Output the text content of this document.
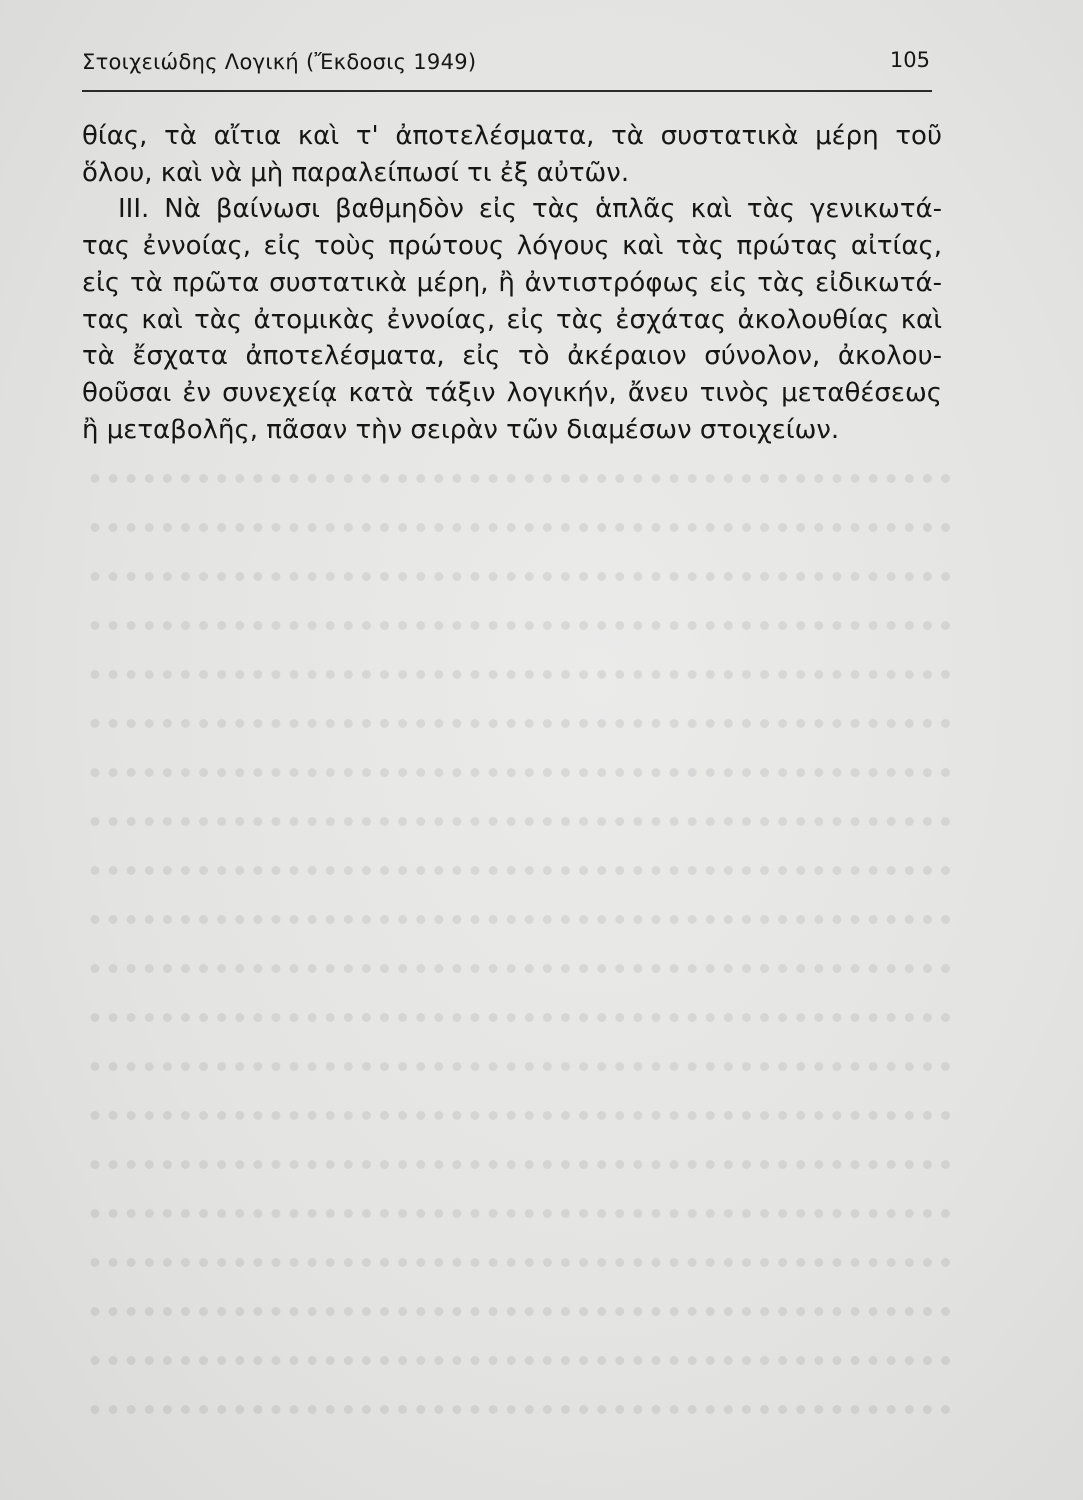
Στοιχειώδης Λογική (Ἔκδοσις 1949)	105
θίας, τὰ αἴτια καὶ τ' ἀποτελέσματα, τὰ συστατικὰ μέρη τοῦ
ὅλου, καὶ νὰ μὴ παραλείπωσί τι ἐξ αὐτῶν.
III. Νὰ βαίνωσι βαθμηδὸν εἰς τὰς ἁπλᾶς καὶ τὰς γενικωτά-
τας ἐννοίας, εἰς τοὺς πρώτους λόγους καὶ τὰς πρώτας αἰτίας,
εἰς τὰ πρῶτα συστατικὰ μέρη, ἢ ἀντιστρόφως εἰς τὰς εἰδικωτά-
τας καὶ τὰς ἀτομικὰς ἐννοίας, εἰς τὰς ἐσχάτας ἀκολουθίας καὶ
τὰ ἔσχατα ἀποτελέσματα, εἰς τὸ ἀκέραιον σύνολον, ἀκολου-
θοῦσαι ἐν συνεχείᾳ κατὰ τάξιν λογικήν, ἄνευ τινὸς μεταθέσεως
ἢ μεταβολῆς, πᾶσαν τὴν σειρὰν τῶν διαμέσων στοιχείων.
